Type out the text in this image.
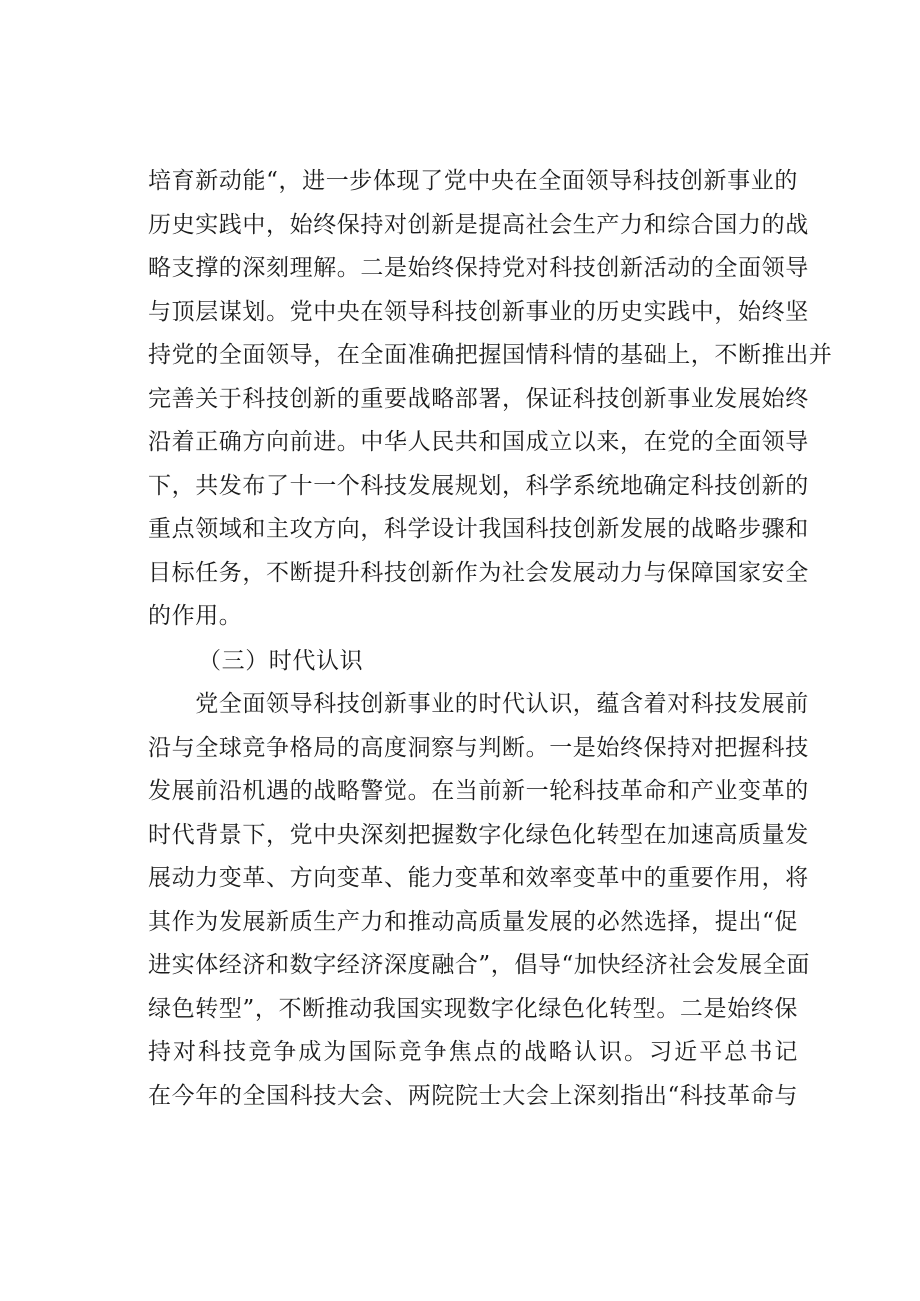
培育新动能“，进一步体现了党中央在全面领导科技创新事业的
历史实践中，始终保持对创新是提高社会生产力和综合国力的战
略支撑的深刻理解。二是始终保持党对科技创新活动的全面领导
与顶层谋划。党中央在领导科技创新事业的历史实践中，始终坚
持党的全面领导，在全面准确把握国情科情的基础上，不断推出并
完善关于科技创新的重要战略部署，保证科技创新事业发展始终
沿着正确方向前进。中华人民共和国成立以来，在党的全面领导
下，共发布了十一个科技发展规划，科学系统地确定科技创新的
重点领域和主攻方向，科学设计我国科技创新发展的战略步骤和
目标任务，不断提升科技创新作为社会发展动力与保障国家安全
的作用。
（三）时代认识
　　党全面领导科技创新事业的时代认识，蕴含着对科技发展前
沿与全球竞争格局的高度洞察与判断。一是始终保持对把握科技
发展前沿机遇的战略警觉。在当前新一轮科技革命和产业变革的
时代背景下，党中央深刻把握数字化绿色化转型在加速高质量发
展动力变革、方向变革、能力变革和效率变革中的重要作用，将
其作为发展新质生产力和推动高质量发展的必然选择，提出“促
进实体经济和数字经济深度融合”，倡导“加快经济社会发展全面
绿色转型”，不断推动我国实现数字化绿色化转型。二是始终保
持对科技竞争成为国际竞争焦点的战略认识。习近平总书记
在今年的全国科技大会、两院院士大会上深刻指出“科技革命与
